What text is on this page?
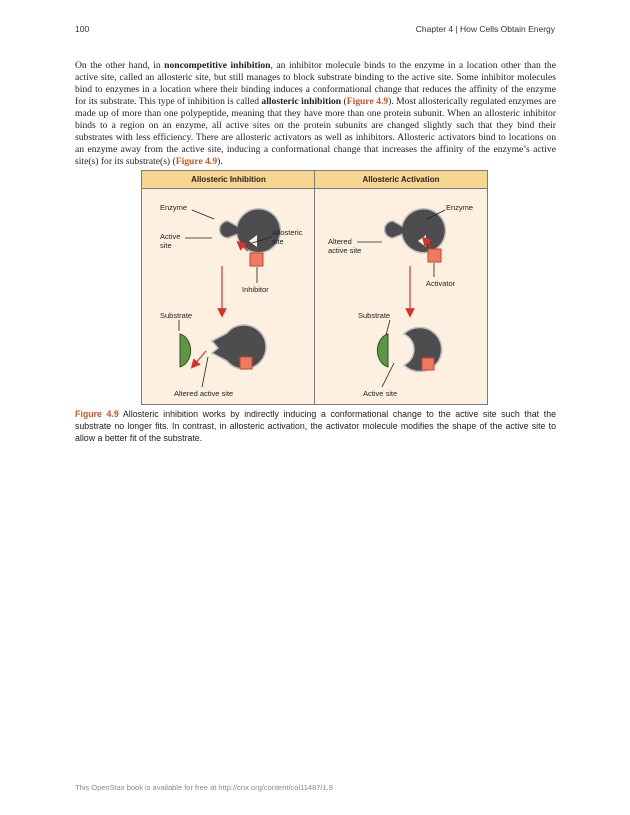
100	Chapter 4 | How Cells Obtain Energy

On the other hand, in noncompetitive inhibition, an inhibitor molecule binds to the enzyme in a location other than the active site, called an allosteric site, but still manages to block substrate binding to the active site. Some inhibitor molecules bind to enzymes in a location where their binding induces a conformational change that reduces the affinity of the enzyme for its substrate. This type of inhibition is called allosteric inhibition (Figure 4.9). Most allosterically regulated enzymes are made up of more than one polypeptide, meaning that they have more than one protein subunit. When an allosteric inhibitor binds to a region on an enzyme, all active sites on the protein subunits are changed slightly such that they bind their substrates with less efficiency. There are allosteric activators as well as inhibitors. Allosteric activators bind to locations on an enzyme away from the active site, inducing a conformational change that increases the affinity of the enzyme’s active site(s) for its substrate(s) (Figure 4.9).

Allosteric Inhibition	Allosteric Activation
Enzyme
Active
site
Allosteric
site
Inhibitor
Substrate
Altered active site
Enzyme
Altered
active site
Activator
Substrate
Active site

Figure 4.9 Allosteric inhibition works by indirectly inducing a conformational change to the active site such that the substrate no longer fits. In contrast, in allosteric activation, the activator molecule modifies the shape of the active site to allow a better fit of the substrate.

This OpenStax book is available for free at http://cnx.org/content/col11487/1.9
